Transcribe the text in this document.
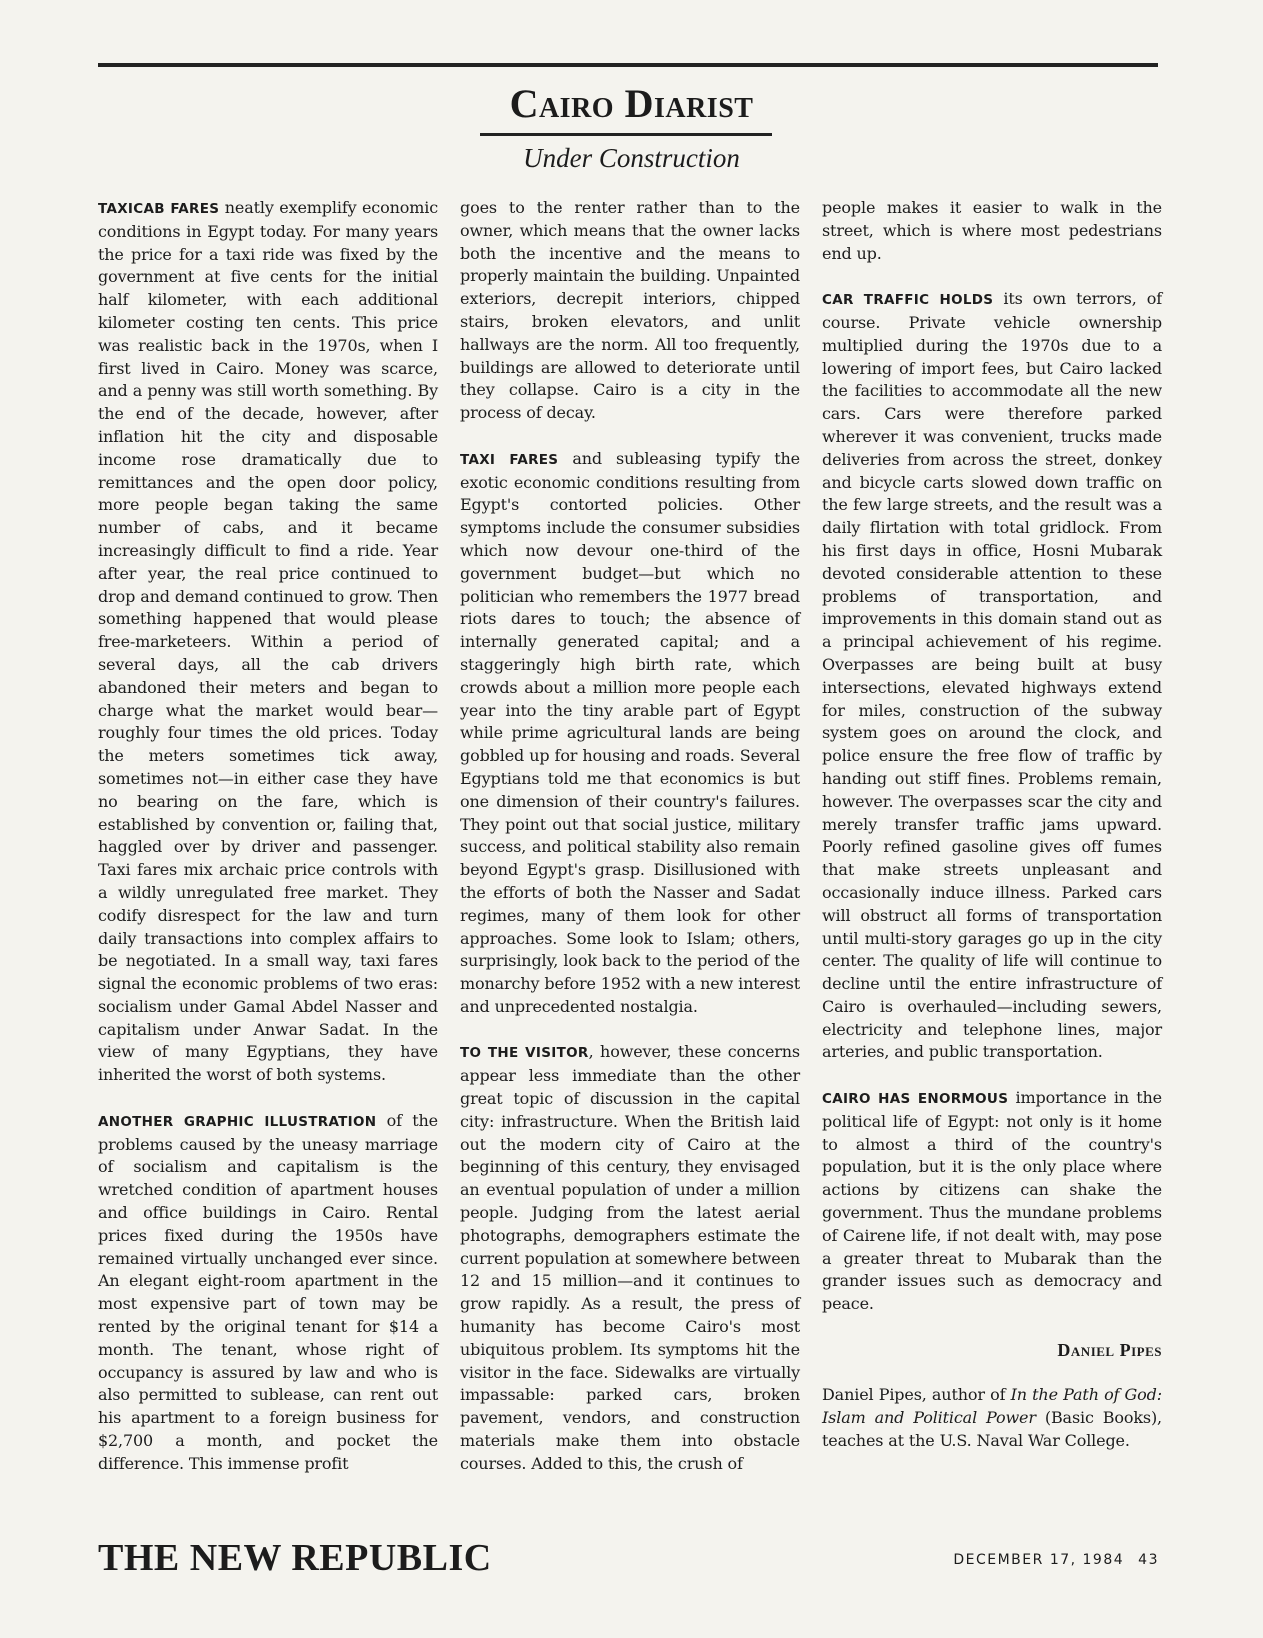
Cairo Diarist
Under Construction

TAXICAB FARES neatly exemplify economic conditions in Egypt today. For many years the price for a taxi ride was fixed by the government at five cents for the initial half kilometer, with each additional kilometer costing ten cents. This price was realistic back in the 1970s, when I first lived in Cairo. Money was scarce, and a penny was still worth something. By the end of the decade, however, after inflation hit the city and disposable income rose dramatically due to remittances and the open door policy, more people began taking the same number of cabs, and it became increasingly difficult to find a ride. Year after year, the real price continued to drop and demand continued to grow. Then something happened that would please free-marketeers. Within a period of several days, all the cab drivers abandoned their meters and began to charge what the market would bear—roughly four times the old prices. Today the meters sometimes tick away, sometimes not—in either case they have no bearing on the fare, which is established by convention or, failing that, haggled over by driver and passenger. Taxi fares mix archaic price controls with a wildly unregulated free market. They codify disrespect for the law and turn daily transactions into complex affairs to be negotiated. In a small way, taxi fares signal the economic problems of two eras: socialism under Gamal Abdel Nasser and capitalism under Anwar Sadat. In the view of many Egyptians, they have inherited the worst of both systems.

ANOTHER GRAPHIC ILLUSTRATION of the problems caused by the uneasy marriage of socialism and capitalism is the wretched condition of apartment houses and office buildings in Cairo. Rental prices fixed during the 1950s have remained virtually unchanged ever since. An elegant eight-room apartment in the most expensive part of town may be rented by the original tenant for $14 a month. The tenant, whose right of occupancy is assured by law and who is also permitted to sublease, can rent out his apartment to a foreign business for $2,700 a month, and pocket the difference. This immense profit

goes to the renter rather than to the owner, which means that the owner lacks both the incentive and the means to properly maintain the building. Unpainted exteriors, decrepit interiors, chipped stairs, broken elevators, and unlit hallways are the norm. All too frequently, buildings are allowed to deteriorate until they collapse. Cairo is a city in the process of decay.

TAXI FARES and subleasing typify the exotic economic conditions resulting from Egypt's contorted policies. Other symptoms include the consumer subsidies which now devour one-third of the government budget—but which no politician who remembers the 1977 bread riots dares to touch; the absence of internally generated capital; and a staggeringly high birth rate, which crowds about a million more people each year into the tiny arable part of Egypt while prime agricultural lands are being gobbled up for housing and roads. Several Egyptians told me that economics is but one dimension of their country's failures. They point out that social justice, military success, and political stability also remain beyond Egypt's grasp. Disillusioned with the efforts of both the Nasser and Sadat regimes, many of them look for other approaches. Some look to Islam; others, surprisingly, look back to the period of the monarchy before 1952 with a new interest and unprecedented nostalgia.

TO THE VISITOR, however, these concerns appear less immediate than the other great topic of discussion in the capital city: infrastructure. When the British laid out the modern city of Cairo at the beginning of this century, they envisaged an eventual population of under a million people. Judging from the latest aerial photographs, demographers estimate the current population at somewhere between 12 and 15 million—and it continues to grow rapidly. As a result, the press of humanity has become Cairo's most ubiquitous problem. Its symptoms hit the visitor in the face. Sidewalks are virtually impassable: parked cars, broken pavement, vendors, and construction materials make them into obstacle courses. Added to this, the crush of

people makes it easier to walk in the street, which is where most pedestrians end up.

CAR TRAFFIC HOLDS its own terrors, of course. Private vehicle ownership multiplied during the 1970s due to a lowering of import fees, but Cairo lacked the facilities to accommodate all the new cars. Cars were therefore parked wherever it was convenient, trucks made deliveries from across the street, donkey and bicycle carts slowed down traffic on the few large streets, and the result was a daily flirtation with total gridlock. From his first days in office, Hosni Mubarak devoted considerable attention to these problems of transportation, and improvements in this domain stand out as a principal achievement of his regime. Overpasses are being built at busy intersections, elevated highways extend for miles, construction of the subway system goes on around the clock, and police ensure the free flow of traffic by handing out stiff fines. Problems remain, however. The overpasses scar the city and merely transfer traffic jams upward. Poorly refined gasoline gives off fumes that make streets unpleasant and occasionally induce illness. Parked cars will obstruct all forms of transportation until multi-story garages go up in the city center. The quality of life will continue to decline until the entire infrastructure of Cairo is overhauled—including sewers, electricity and telephone lines, major arteries, and public transportation.

CAIRO HAS ENORMOUS importance in the political life of Egypt: not only is it home to almost a third of the country's population, but it is the only place where actions by citizens can shake the government. Thus the mundane problems of Cairene life, if not dealt with, may pose a greater threat to Mubarak than the grander issues such as democracy and peace.

Daniel Pipes

Daniel Pipes, author of In the Path of God: Islam and Political Power (Basic Books), teaches at the U.S. Naval War College.

THE NEW REPUBLIC	DECEMBER 17, 1984 43
